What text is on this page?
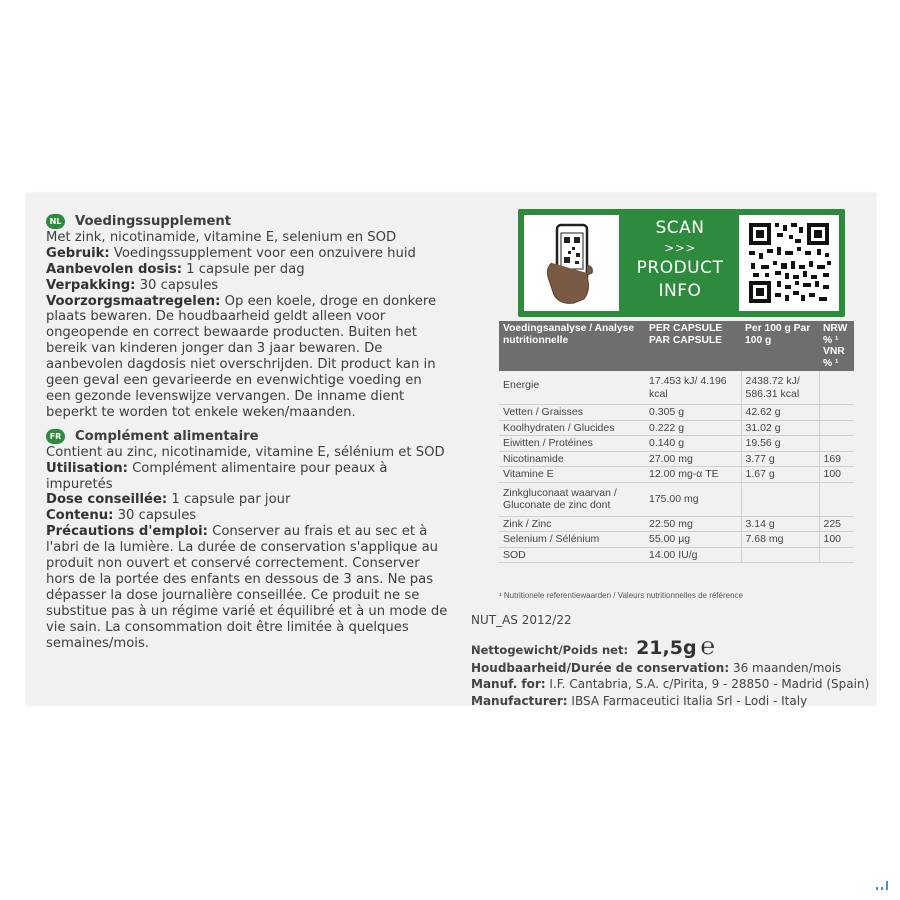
NL Voedingssupplement

Met zink, nicotinamide, vitamine E, selenium en SOD

Gebruik: Voedingssupplement voor een onzuivere huid

Aanbevolen dosis: 1 capsule per dag

Verpakking: 30 capsules

Voorzorgsmaatregelen: Op een koele, droge en donkere plaats bewaren. De houdbaarheid geldt alleen voor ongeopende en correct bewaarde producten. Buiten het bereik van kinderen jonger dan 3 jaar bewaren. De aanbevolen dagdosis niet overschrijden. Dit product kan in geen geval een gevarieerde en evenwichtige voeding en een gezonde levenswijze vervangen. De inname dient beperkt te worden tot enkele weken/maanden.

FR Complément alimentaire

Contient au zinc, nicotinamide, vitamine E, sélénium et SOD

Utilisation: Complément alimentaire pour peaux à impuretés

Dose conseillée: 1 capsule par jour

Contenu: 30 capsules

Précautions d'emploi: Conserver au frais et au sec et à l'abri de la lumière. La durée de conservation s'applique au produit non ouvert et conservé correctement. Conserver hors de la portée des enfants en dessous de 3 ans. Ne pas dépasser la dose journalière conseillée. Ce produit ne se substitue pas à un régime varié et équilibré et à un mode de vie sain. La consommation doit être limitée à quelques semaines/mois.

SCAN
>>>
PRODUCT
INFO
Voedingsanalyse / Analyse nutritionnelle	PER CAPSULE PAR CAPSULE	Per 100 g Par 100 g	NRW % ¹ VNR % ¹
Energie	17.453 kJ/ 4.196 kcal	2438.72 kJ/ 586.31 kcal	
Vetten / Graisses	0.305 g	42.62 g	
Koolhydraten / Glucides	0.222 g	31.02 g	
Eiwitten / Protéines	0.140 g	19.56 g	
Nicotinamide	27.00 mg	3.77 g	169
Vitamine E	12.00 mg-α TE	1.67 g	100
Zinkgluconaat waarvan / Gluconate de zinc dont	175.00 mg		
Zink / Zinc	22.50 mg	3.14 g	225
Selenium / Sélénium	55.00 µg	7.68 mg	100
SOD	14.00 IU/g		
¹ Nutritionele referentiewaarden / Valeurs nutritionnelles de référence
NUT_AS 2012/22
Nettogewicht/Poids net: 21,5g ℮
Houdbaarheid/Durée de conservation: 36 maanden/mois
Manuf. for: I.F. Cantabria, S.A. c/Pirita, 9 - 28850 - Madrid (Spain)
Manufacturer: IBSA Farmaceutici Italia Srl - Lodi - Italy
